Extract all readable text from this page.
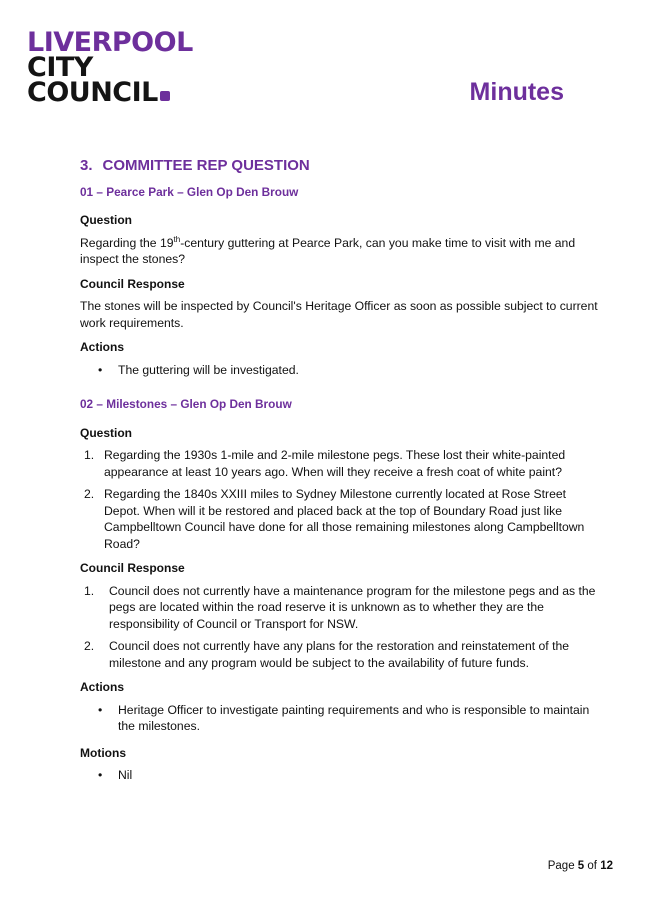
LIVERPOOL
CITY
COUNCIL	Minutes
3. COMMITTEE REP QUESTION
01 – Pearce Park – Glen Op Den Brouw
Question
Regarding the 19th-century guttering at Pearce Park, can you make time to visit with me and inspect the stones?
Council Response
The stones will be inspected by Council's Heritage Officer as soon as possible subject to current work requirements.
Actions
• The guttering will be investigated.
02 – Milestones – Glen Op Den Brouw
Question
1. Regarding the 1930s 1-mile and 2-mile milestone pegs. These lost their white-painted appearance at least 10 years ago. When will they receive a fresh coat of white paint?
2. Regarding the 1840s XXIII miles to Sydney Milestone currently located at Rose Street Depot. When will it be restored and placed back at the top of Boundary Road just like Campbelltown Council have done for all those remaining milestones along Campbelltown Road?
Council Response
1. Council does not currently have a maintenance program for the milestone pegs and as the pegs are located within the road reserve it is unknown as to whether they are the responsibility of Council or Transport for NSW.
2. Council does not currently have any plans for the restoration and reinstatement of the milestone and any program would be subject to the availability of future funds.
Actions
• Heritage Officer to investigate painting requirements and who is responsible to maintain the milestones.
Motions
• Nil
Page 5 of 12
